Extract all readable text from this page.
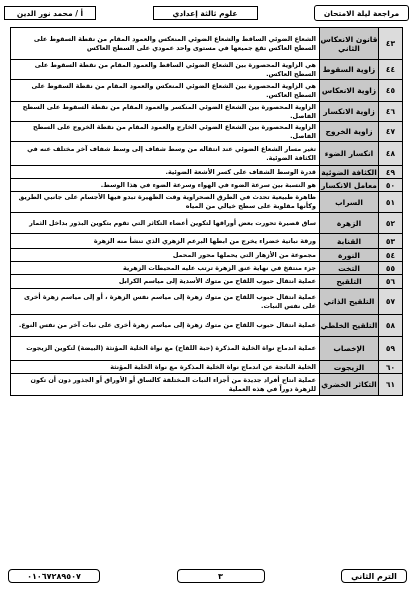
مراجعة ليلة الامتحان
علوم ثالثة إعدادي
أ / محمد نور الدين
٤٣	قانون الانعكاس الثاني	الشعاع الضوئي الساقط والشعاع الضوئي المنعكس والعمود المقام من نقطة السقوط على السطح العاكس تقع جميعها في مستوى واحد عمودي على السطح العاكس
٤٤	زاوية السقوط	هي الزاوية المحصورة بين الشعاع الضوئي الساقط والعمود المقام من نقطة السقوط على السطح العاكس.
٤٥	زاوية الانعكاس	هي الزاوية المحصورة بين الشعاع الضوئي المنعكس والعمود المقام من نقطة السقوط على السطح العاكس.
٤٦	زاوية الانكسار	الزاوية المحصورة بين الشعاع الضوئي المنكسر والعمود المقام من نقطة السقوط على السطح الفاصل.
٤٧	زاوية الخروج	الزاوية المحصورة بين الشعاع الضوئي الخارج والعمود المقام من نقطة الخروج على السطح الفاصل.
٤٨	انكسار الضوء	تغير مسار الشعاع الضوئي عند انتقاله من وسط شفاف إلى وسط شفاف آخر مختلف عنه في الكثافة الضوئية.
٤٩	الكثافة الضوئية	قدرة الوسط الشفاف على كسر الأشعة الضوئية.
٥٠	معامل الانكسار	هو النسبة بين سرعة الضوء في الهواء وسرعة الضوء في هذا الوسط.
٥١	السراب	ظاهرة طبيعية تحدث في الطرق الصحراوية وقت الظهيرة تبدو فيها الأجسام على جانبي الطريق وكأنها مقلوبة على سطح خيالي من المياه
٥٢	الزهرة	ساق قصيرة تحورت بعض أوراقها لتكوين أعضاء التكاثر التي تقوم بتكوين البذور بداخل الثمار
٥٣	القنابة	ورقة نباتية خضراء يخرج من ابطها البرعم الزهري الذي تنشأ منه الزهرة
٥٤	النورة	مجموعة من الأزهار التي يحملها محور المحمل
٥٥	التخت	جزء منتفخ في نهاية عنق الزهرة ترتب عليه المحيطات الزهرية
٥٦	التلقيح	عملية انتقال حبوب اللقاح من متوك الأسدية إلى مياسم الكرابل
٥٧	التلقيح الذاتي	عملية انتقال حبوب اللقاح من متوك زهرة إلى مياسم نفس الزهرة ، أو إلى مياسم زهرة أخرى على نفس النبات.
٥٨	التلقيح الخلطي	عملية انتقال حبوب اللقاح من متوك زهرة إلى مياسم زهرة أخرى على نبات آخر من نفس النوع.
٥٩	الإخصاب	عملية اندماج نواة الخلية المذكرة (حبة اللقاح) مع نواة الخلية المؤنثة (البيضة) لتكوين الزيجوت
٦٠	الزيجوت	الخلية الناتجة عن اندماج نواة الخلية المذكرة مع نواة الخلية المؤنثة
٦١	التكاثر الخضري	عملية انتاج أفراد جديدة من أجزاء النبات المختلفة كالساق أو الأوراق أو الجذور دون أن تكون للزهرة دوراً في هذه العملية
الترم الثاني
٣
٠١٠٦٧٢٨٩٥٠٧
